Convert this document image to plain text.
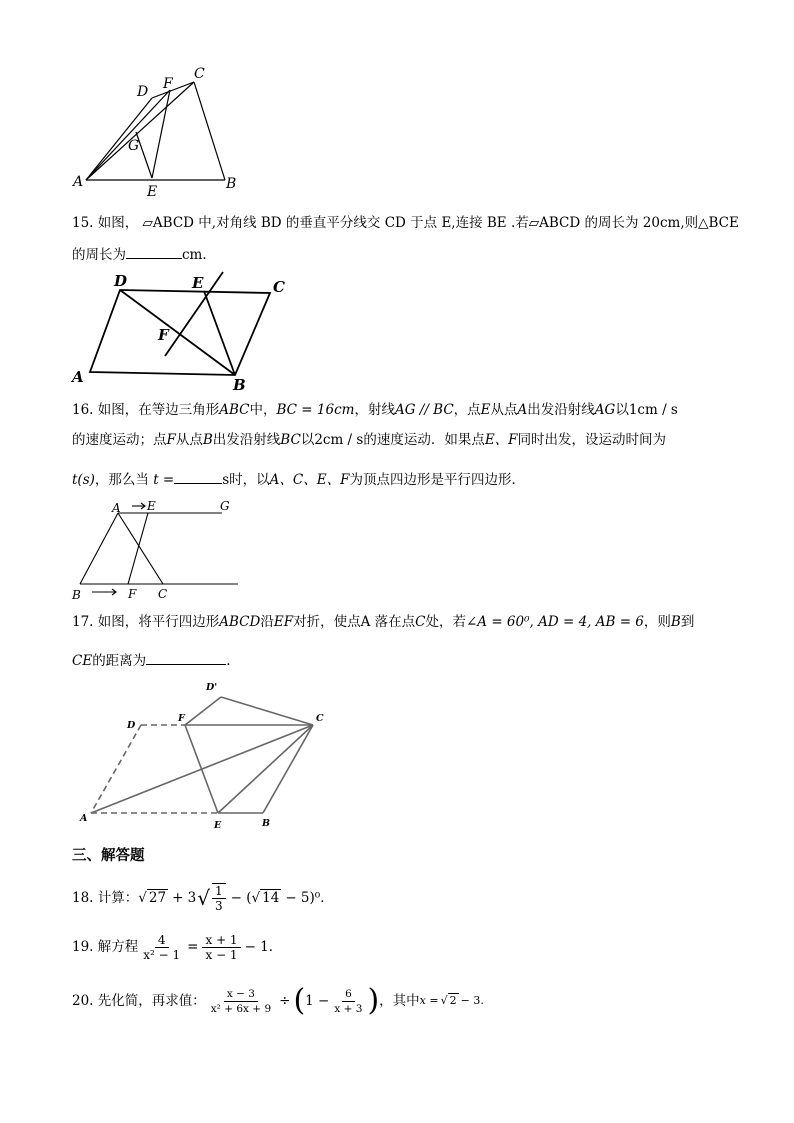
A	B
C
D
E
F
G
15. 如图， ▱ABCD 中,对角线 BD 的垂直平分线交 CD 于点 E,连接 BE .若▱ABCD 的周长为 20cm,则△BCE
的周长为	cm.
D	E	C
F
A	B
16. 如图，在等边三角形ABC中，BC = 16cm，射线AG // BC，点E从点A出发沿射线AG以1cm / s
的速度运动；点F从点B出发沿射线BC以2cm / s的速度运动．如果点E、F同时出发，设运动时间为
t(s)，那么当 t =	s时，以A、C、E、F为顶点四边形是平行四边形．
A E	G
B	F C
17. 如图，将平行四边形ABCD沿EF对折，使点A 落在点C处，若∠A = 60⁰, AD = 4, AB = 6，则B到
CE的距离为	.
D'
D
F	C
A
E	B
三、解答题
18. 计算： √ 27 + 3 √ $\frac{1}{3}$ − ( √ 14 − 5)⁰ ．
19. 解方程 $\frac{4}{\text{x² − 1}} = \frac{x + 1}{x - 1} - 1$ ．
20. 先化简，再求值： $\frac{x - 3}{\text{x² + 6x + 9}}$ ÷ ( $1 - \frac{6}{x + 3}$ ) ，其中 x = √ 2 − 3 .
